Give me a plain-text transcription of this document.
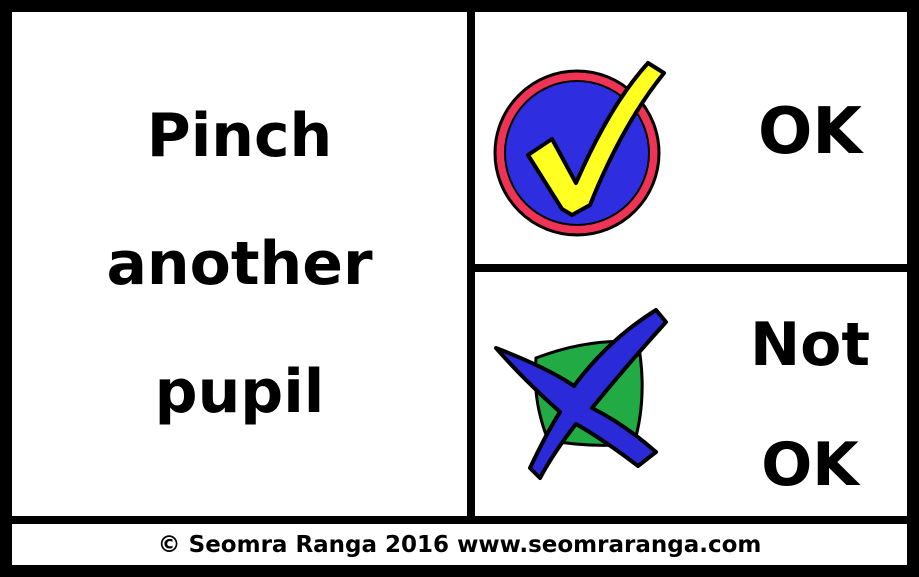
Pinch
another
pupil
OK
Not
OK
© Seomra Ranga 2016 www.seomraranga.com
